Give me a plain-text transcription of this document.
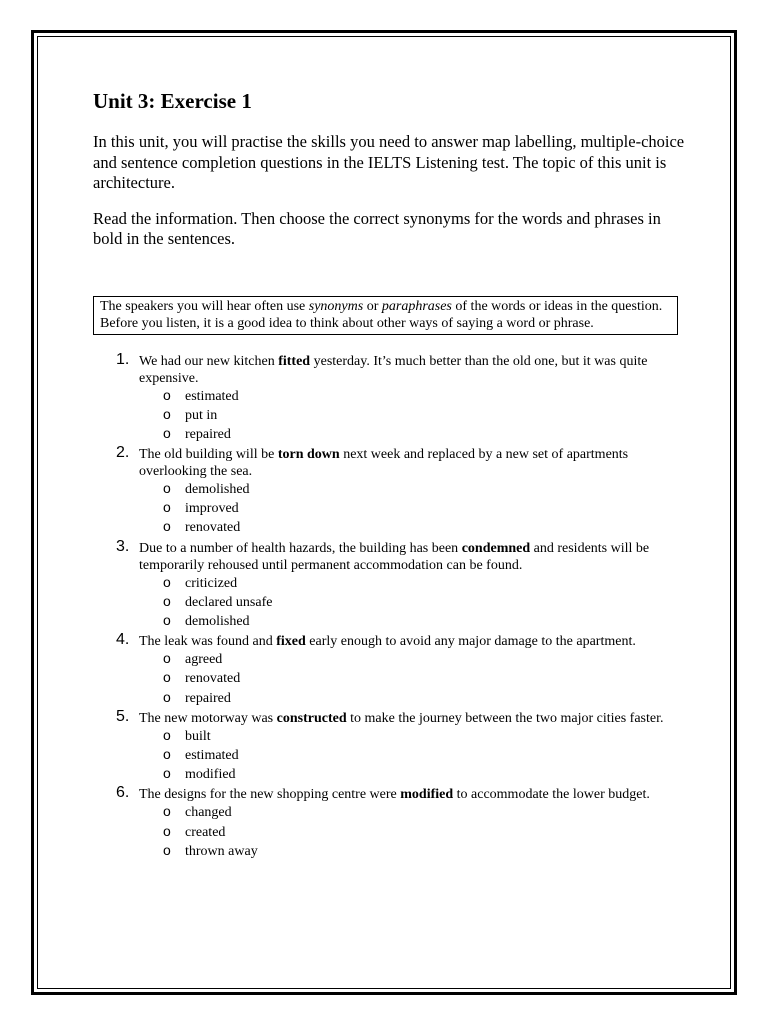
Unit 3: Exercise 1

In this unit, you will practise the skills you need to answer map labelling, multiple-choice and sentence completion questions in the IELTS Listening test. The topic of this unit is architecture.

Read the information. Then choose the correct synonyms for the words and phrases in bold in the sentences.

The speakers you will hear often use synonyms or paraphrases of the words or ideas in the question. Before you listen, it is a good idea to think about other ways of saying a word or phrase.
1. We had our new kitchen fitted yesterday. It’s much better than the old one, but it was quite expensive.
o estimated
o put in
o repaired
2. The old building will be torn down next week and replaced by a new set of apartments overlooking the sea.
o demolished
o improved
o renovated
3. Due to a number of health hazards, the building has been condemned and residents will be temporarily rehoused until permanent accommodation can be found.
o criticized
o declared unsafe
o demolished
4. The leak was found and fixed early enough to avoid any major damage to the apartment.
o agreed
o renovated
o repaired
5. The new motorway was constructed to make the journey between the two major cities faster.
o built
o estimated
o modified
6. The designs for the new shopping centre were modified to accommodate the lower budget.
o changed
o created
o thrown away
